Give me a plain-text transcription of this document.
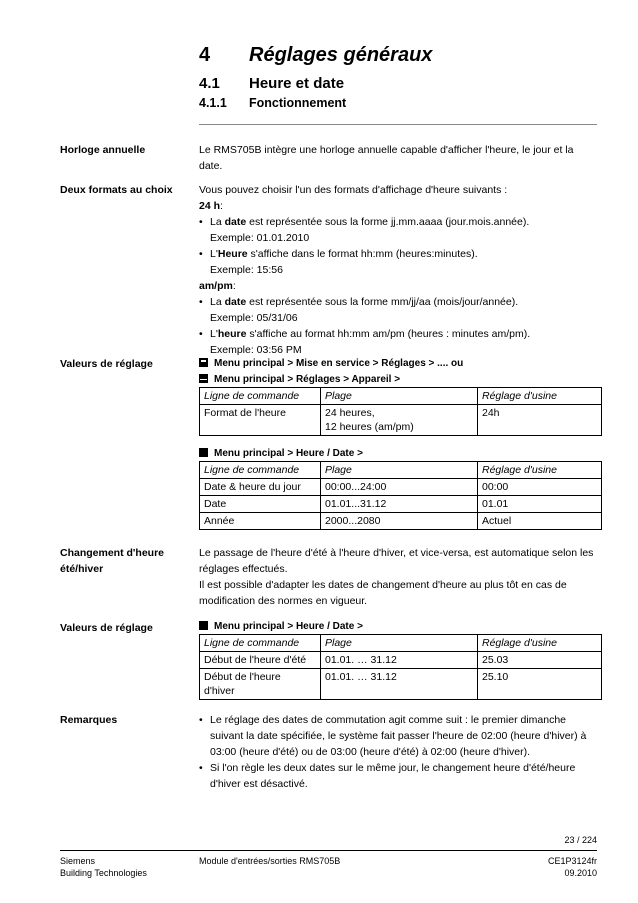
4 Réglages généraux
4.1 Heure et date
4.1.1 Fonctionnement
Horloge annuelle	Le RMS705B intègre une horloge annuelle capable d'afficher l'heure, le jour et la date.
Deux formats au choix	Vous pouvez choisir l'un des formats d'affichage d'heure suivants :

24 h:

• La date est représentée sous la forme jj.mm.aaaa (jour.mois.année).
Exemple: 01.01.2010
• L'Heure s'affiche dans le format hh:mm (heures:minutes).
Exemple: 15:56

am/pm:

• La date est représentée sous la forme mm/jj/aa (mois/jour/année).
Exemple: 05/31/06
• L'heure s'affiche au format hh:mm am/pm (heures : minutes am/pm).
Exemple: 03:56 PM
Valeurs de réglage	Menu principal > Mise en service > Réglages > .... ou
Menu principal > Réglages > Appareil >
Ligne de commande	Plage	Réglage d'usine
Format de l'heure	24 heures,
12 heures (am/pm)	24h
Menu principal > Heure / Date >
Ligne de commande	Plage	Réglage d'usine
Date & heure du jour	00:00...24:00	00:00
Date	01.01...31.12	01.01
Année	2000...2080	Actuel
Changement d'heure
été/hiver

Le passage de l'heure d'été à l'heure d'hiver, et vice-versa, est automatique selon les réglages effectués.

Il est possible d'adapter les dates de changement d'heure au plus tôt en cas de modification des normes en vigueur.

Valeurs de réglage	Menu principal > Heure / Date >
Ligne de commande	Plage	Réglage d'usine
Début de l'heure d'été	01.01. … 31.12	25.03

Début de l'heure
d'hiver	01.01. … 31.12	25.10
Remarques	• Le réglage des dates de commutation agit comme suit : le premier dimanche suivant la date spécifiée, le système fait passer l'heure de 02:00 (heure d'hiver) à 03:00 (heure d'été) ou de 03:00 (heure d'été) à 02:00 (heure d'hiver).
• Si l'on règle les deux dates sur le même jour, le changement heure d'été/heure d'hiver est désactivé.
23 / 224
Siemens
Building Technologies
Module d'entrées/sorties RMS705B	CE1P3124fr
09.2010
